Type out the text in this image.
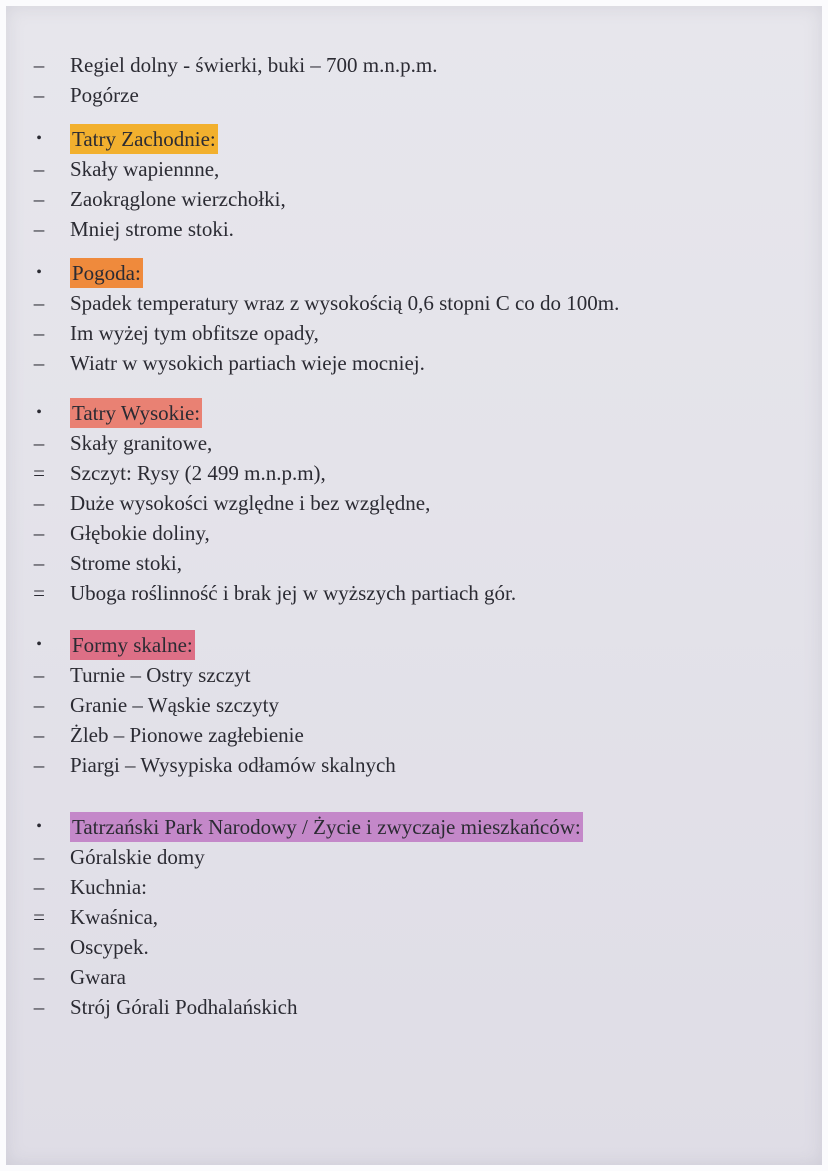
– Regiel dolny - świerki, buki – 700 m.n.p.m.
– Pogórze
• Tatry Zachodnie:
– Skały wapiennne,
– Zaokrąglone wierzchołki,
– Mniej strome stoki.
• Pogoda:
– Spadek temperatury wraz z wysokością 0,6 stopni C co do 100m.
– Im wyżej tym obfitsze opady,
– Wiatr w wysokich partiach wieje mocniej.
• Tatry Wysokie:
– Skały granitowe,
= Szczyt: Rysy (2 499 m.n.p.m),
– Duże wysokości względne i bez względne,
– Głębokie doliny,
– Strome stoki,
= Uboga roślinność i brak jej w wyższych partiach gór.
• Formy skalne:
– Turnie – Ostry szczyt
– Granie – Wąskie szczyty
– Żleb – Pionowe zagłebienie
– Piargi – Wysypiska odłamów skalnych
• Tatrzański Park Narodowy / Życie i zwyczaje mieszkańców:
– Góralskie domy
– Kuchnia:
= Kwaśnica,
– Oscypek.
– Gwara
– Strój Górali Podhalańskich
